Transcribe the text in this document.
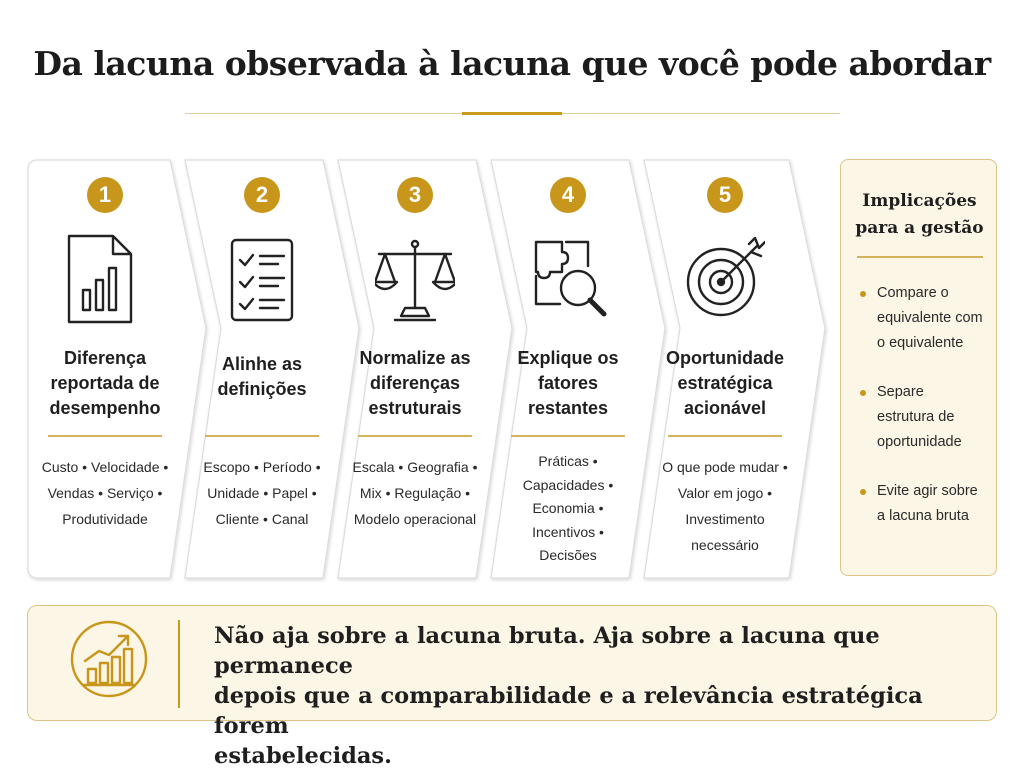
Da lacuna observada à lacuna que você pode abordar
1
Diferença
reportada de
desempenho
Custo • Velocidade •
Vendas • Serviço •
Produtividade
2
Alinhe as
definições
Escopo • Período •
Unidade • Papel •
Cliente • Canal
3
Normalize as
diferenças
estruturais
Escala • Geografia •
Mix • Regulação •
Modelo operacional
4
Explique os
fatores
restantes
Práticas •
Capacidades •
Economia •
Incentivos •
Decisões
5
Oportunidade
estratégica
acionável
O que pode mudar •
Valor em jogo •
Investimento
necessário
Implicações
para a gestão
Compare o
equivalente com
o equivalente
Separe
estrutura de
oportunidade
Evite agir sobre
a lacuna bruta
Não aja sobre a lacuna bruta. Aja sobre a lacuna que permanece
depois que a comparabilidade e a relevância estratégica forem
estabelecidas.
